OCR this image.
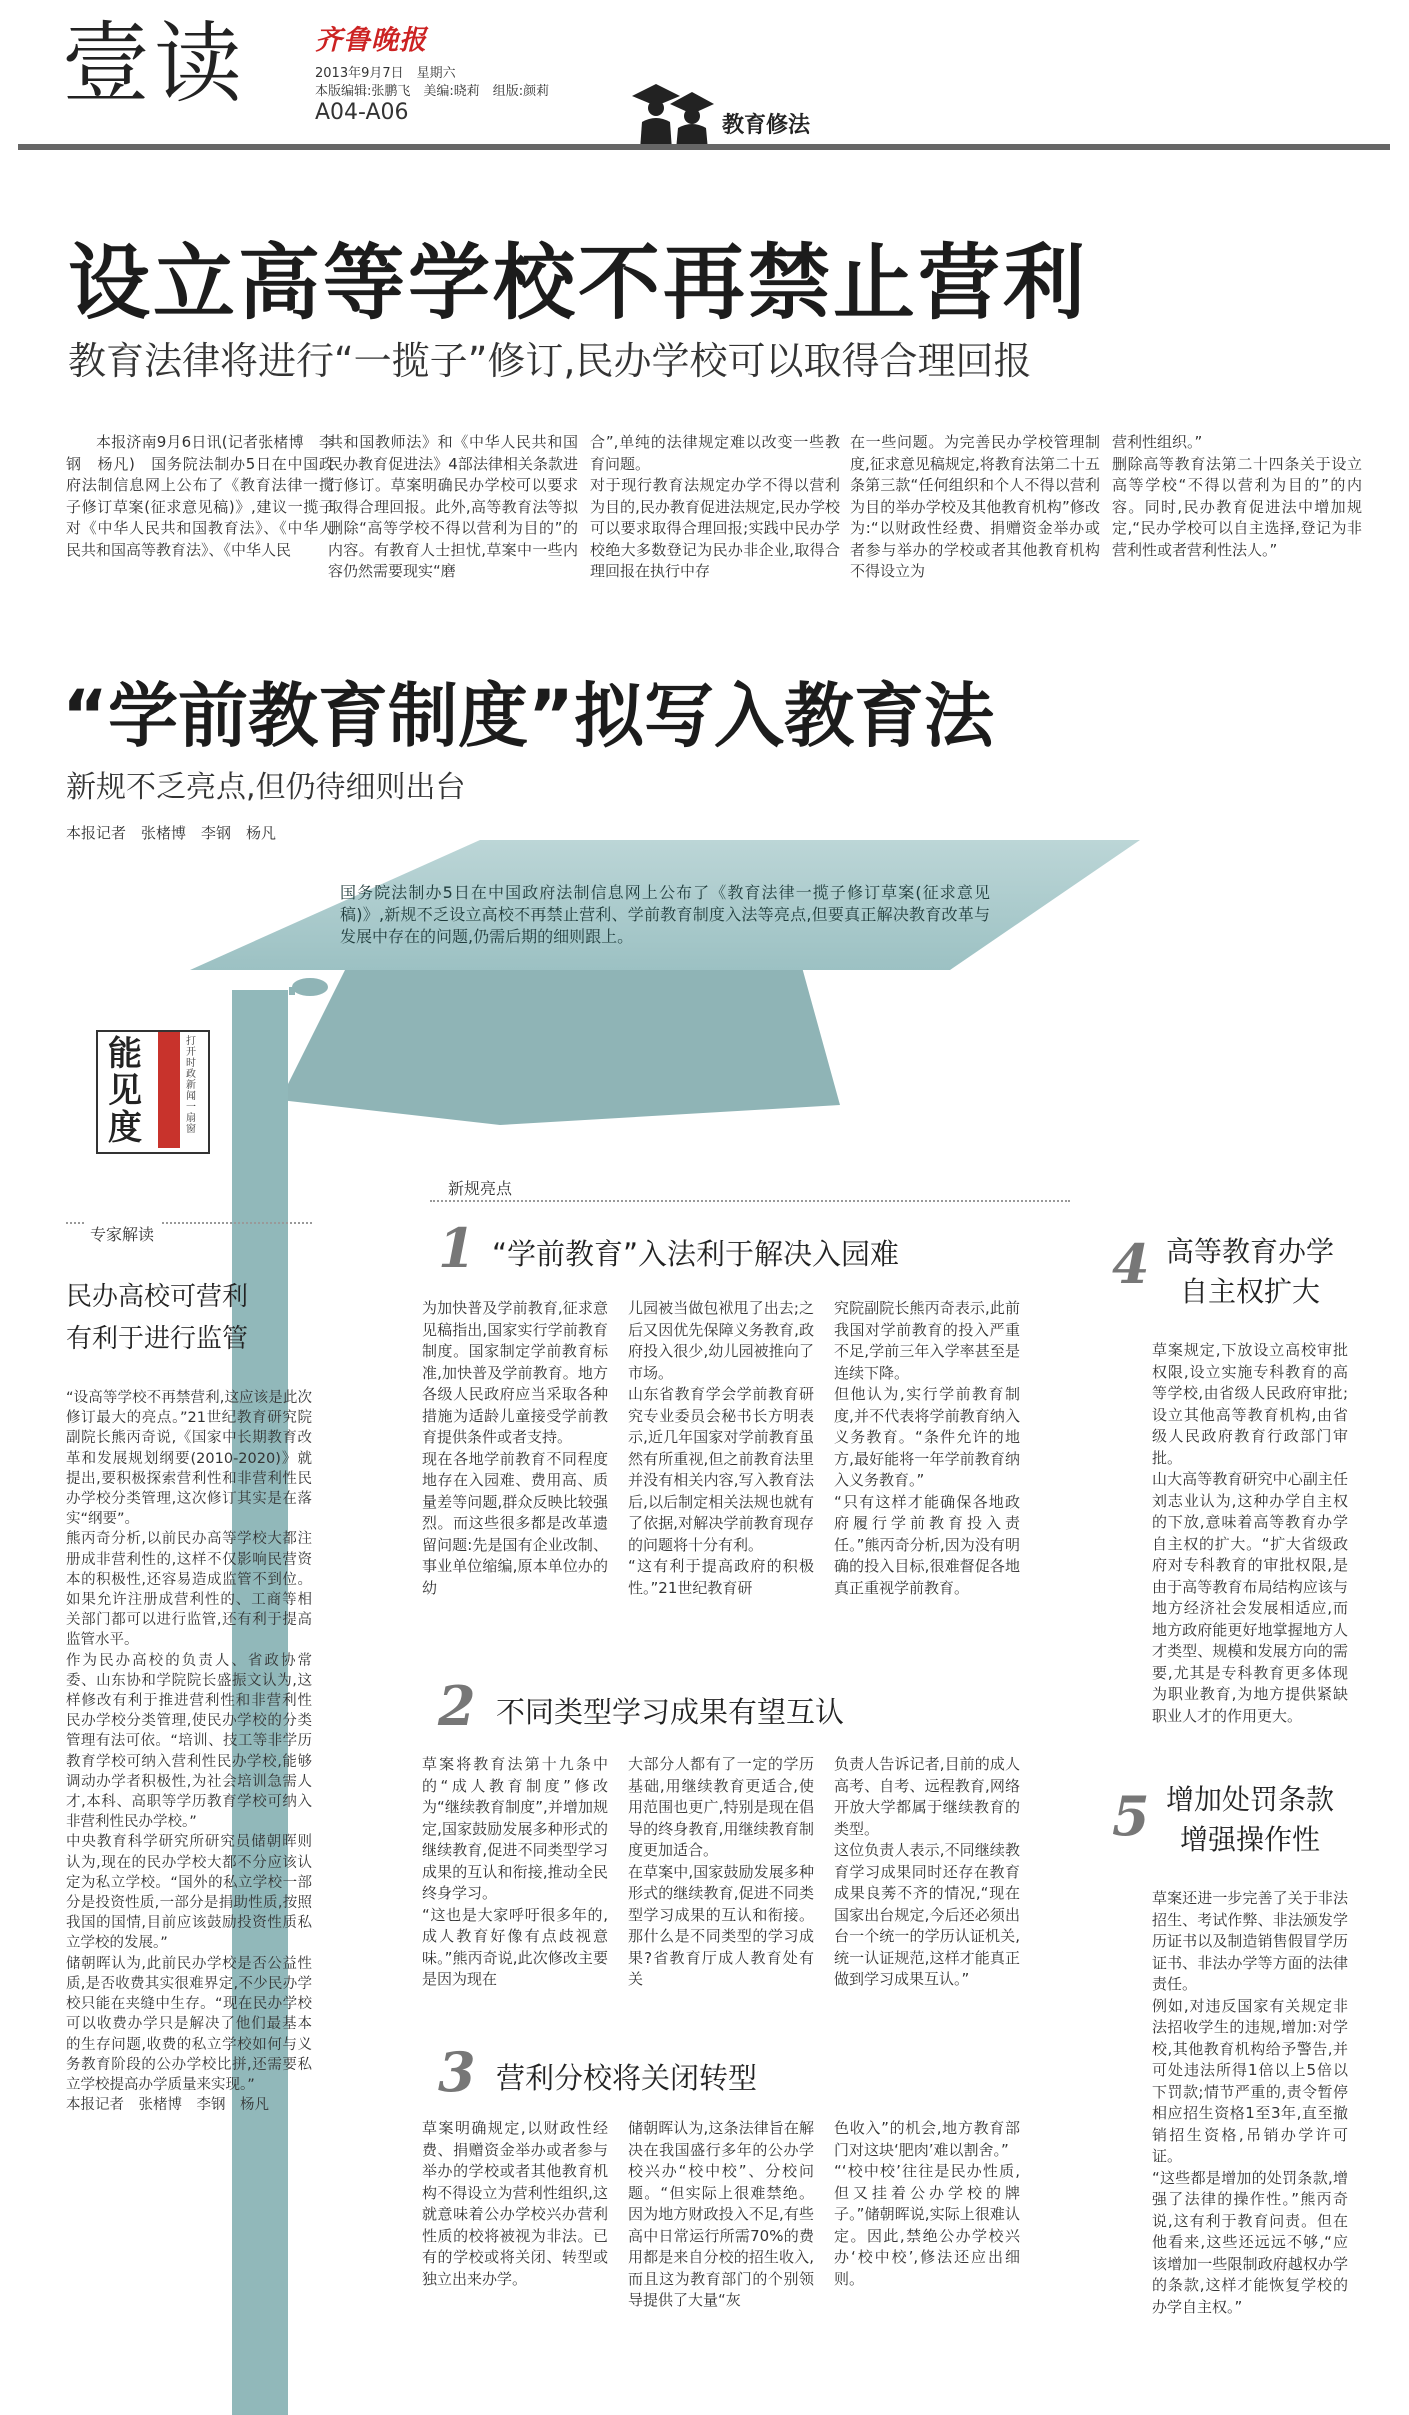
壹读	齐鲁晚报
2013年9月7日　星期六
本版编辑:张鹏飞　美编:晓莉　组版:颜莉
A04-A06
教育修法
设立高等学校不再禁止营利
教育法律将进行“一揽子”修订,民办学校可以取得合理回报

本报济南9月6日讯(记者张楮博　李钢　杨凡)　国务院法制办5日在中国政府法制信息网上公布了《教育法律一揽子修订草案(征求意见稿)》,建议一揽子对《中华人民共和国教育法》、《中华人民共和国高等教育法》、《中华人民

共和国教师法》和《中华人民共和国民办教育促进法》4部法律相关条款进行修订。草案明确民办学校可以要求取得合理回报。此外,高等教育法等拟删除“高等学校不得以营利为目的”的内容。有教育人士担忧,草案中一些内容仍然需要现实“磨
合”,单纯的法律规定难以改变一些教育问题。
对于现行教育法规定办学不得以营利为目的,民办教育促进法规定,民办学校可以要求取得合理回报;实践中民办学校绝大多数登记为民办非企业,取得合理回报在执行中存
在一些问题。为完善民办学校管理制度,征求意见稿规定,将教育法第二十五条第三款“任何组织和个人不得以营利为目的举办学校及其他教育机构”修改为:“以财政性经费、捐赠资金举办或者参与举办的学校或者其他教育机构不得设立为
营利性组织。”
删除高等教育法第二十四条关于设立高等学校“不得以营利为目的”的内容。同时,民办教育促进法中增加规定,“民办学校可以自主选择,登记为非营利性或者营利性法人。”
“学前教育制度”拟写入教育法
新规不乏亮点,但仍待细则出台
本报记者　张楮博　李钢　杨凡
国务院法制办5日在中国政府法制信息网上公布了《教育法律一揽子修订草案(征求意见稿)》,新规不乏设立高校不再禁止营利、学前教育制度入法等亮点,但要真正解决教育改革与发展中存在的问题,仍需后期的细则跟上。
能见度
打开时政新闻一扇窗
新规亮点
专家解读
民办高校可营利
有利于进行监管
“设高等学校不再禁营利,这应该是此次修订最大的亮点。”21世纪教育研究院副院长熊丙奇说,《国家中长期教育改革和发展规划纲要(2010-2020)》就提出,要积极探索营利性和非营利性民办学校分类管理,这次修订其实是在落实“纲要”。
熊丙奇分析,以前民办高等学校大都注册成非营利性的,这样不仅影响民营资本的积极性,还容易造成监管不到位。如果允许注册成营利性的、工商等相关部门都可以进行监管,还有利于提高监管水平。
作为民办高校的负责人、省政协常委、山东协和学院院长盛振文认为,这样修改有利于推进营利性和非营利性民办学校分类管理,使民办学校的分类管理有法可依。“培训、技工等非学历教育学校可纳入营利性民办学校,能够调动办学者积极性,为社会培训急需人才,本科、高职等学历教育学校可纳入非营利性民办学校。”
中央教育科学研究所研究员储朝晖则认为,现在的民办学校大都不分应该认定为私立学校。“国外的私立学校一部分是投资性质,一部分是捐助性质,按照我国的国情,目前应该鼓励投资性质私立学校的发展。”
储朝晖认为,此前民办学校是否公益性质,是否收费其实很难界定,不少民办学校只能在夹缝中生存。“现在民办学校可以收费办学只是解决了他们最基本的生存问题,收费的私立学校如何与义务教育阶段的公办学校比拼,还需要私立学校提高办学质量来实现。”
本报记者　张楮博　李钢　杨凡
1 “学前教育”入法利于解决入园难
为加快普及学前教育,征求意见稿指出,国家实行学前教育制度。国家制定学前教育标准,加快普及学前教育。地方各级人民政府应当采取各种措施为适龄儿童接受学前教育提供条件或者支持。
现在各地学前教育不同程度地存在入园难、费用高、质量差等问题,群众反映比较强烈。而这些很多都是改革遗留问题:先是国有企业改制、事业单位缩编,原本单位办的幼
儿园被当做包袱甩了出去;之后又因优先保障义务教育,政府投入很少,幼儿园被推向了市场。
山东省教育学会学前教育研究专业委员会秘书长方明表示,近几年国家对学前教育虽然有所重视,但之前教育法里并没有相关内容,写入教育法后,以后制定相关法规也就有了依据,对解决学前教育现存的问题将十分有利。
“这有利于提高政府的积极性。”21世纪教育研
究院副院长熊丙奇表示,此前我国对学前教育的投入严重不足,学前三年入学率甚至是连续下降。
但他认为,实行学前教育制度,并不代表将学前教育纳入义务教育。“条件允许的地方,最好能将一年学前教育纳入义务教育。”
“只有这样才能确保各地政府履行学前教育投入责任。”熊丙奇分析,因为没有明确的投入目标,很难督促各地真正重视学前教育。
2 不同类型学习成果有望互认
草案将教育法第十九条中的“成人教育制度”修改为“继续教育制度”,并增加规定,国家鼓励发展多种形式的继续教育,促进不同类型学习成果的互认和衔接,推动全民终身学习。
“这也是大家呼吁很多年的,成人教育好像有点歧视意味。”熊丙奇说,此次修改主要是因为现在
大部分人都有了一定的学历基础,用继续教育更适合,使用范围也更广,特别是现在倡导的终身教育,用继续教育制度更加适合。
在草案中,国家鼓励发展多种形式的继续教育,促进不同类型学习成果的互认和衔接。那什么是不同类型的学习成果?省教育厅成人教育处有关
负责人告诉记者,目前的成人高考、自考、远程教育,网络开放大学都属于继续教育的类型。
这位负责人表示,不同继续教育学习成果同时还存在教育成果良莠不齐的情况,“现在国家出台规定,今后还必须出台一个统一的学历认证机关,统一认证规范,这样才能真正做到学习成果互认。”
3 营利分校将关闭转型
草案明确规定,以财政性经费、捐赠资金举办或者参与举办的学校或者其他教育机构不得设立为营利性组织,这就意味着公办学校兴办营利性质的校将被视为非法。已有的学校或将关闭、转型或独立出来办学。
储朝晖认为,这条法律旨在解决在我国盛行多年的公办学校兴办“校中校”、分校问题。“但实际上很难禁绝。因为地方财政投入不足,有些高中日常运行所需70%的费用都是来自分校的招生收入,而且这为教育部门的个别领导提供了大量“灰
色收入”的机会,地方教育部门对这块‘肥肉’难以割舍。”
“‘校中校’往往是民办性质,但又挂着公办学校的牌子。”储朝晖说,实际上很难认定。因此,禁绝公办学校兴办‘校中校’,修法还应出细则。
4 高等教育办学自主权扩大
草案规定,下放设立高校审批权限,设立实施专科教育的高等学校,由省级人民政府审批;设立其他高等教育机构,由省级人民政府教育行政部门审批。
山大高等教育研究中心副主任刘志业认为,这种办学自主权的下放,意味着高等教育办学自主权的扩大。“扩大省级政府对专科教育的审批权限,是由于高等教育布局结构应该与地方经济社会发展相适应,而地方政府能更好地掌握地方人才类型、规模和发展方向的需要,尤其是专科教育更多体现为职业教育,为地方提供紧缺职业人才的作用更大。
5 增加处罚条款增强操作性
草案还进一步完善了关于非法招生、考试作弊、非法颁发学历证书以及制造销售假冒学历证书、非法办学等方面的法律责任。
例如,对违反国家有关规定非法招收学生的违规,增加:对学校,其他教育机构给予警告,并可处违法所得1倍以上5倍以下罚款;情节严重的,责令暂停相应招生资格1至3年,直至撤销招生资格,吊销办学许可证。
“这些都是增加的处罚条款,增强了法律的操作性。”熊丙奇说,这有利于教育问责。但在他看来,这些还远远不够,“应该增加一些限制政府越权办学的条款,这样才能恢复学校的办学自主权。”
